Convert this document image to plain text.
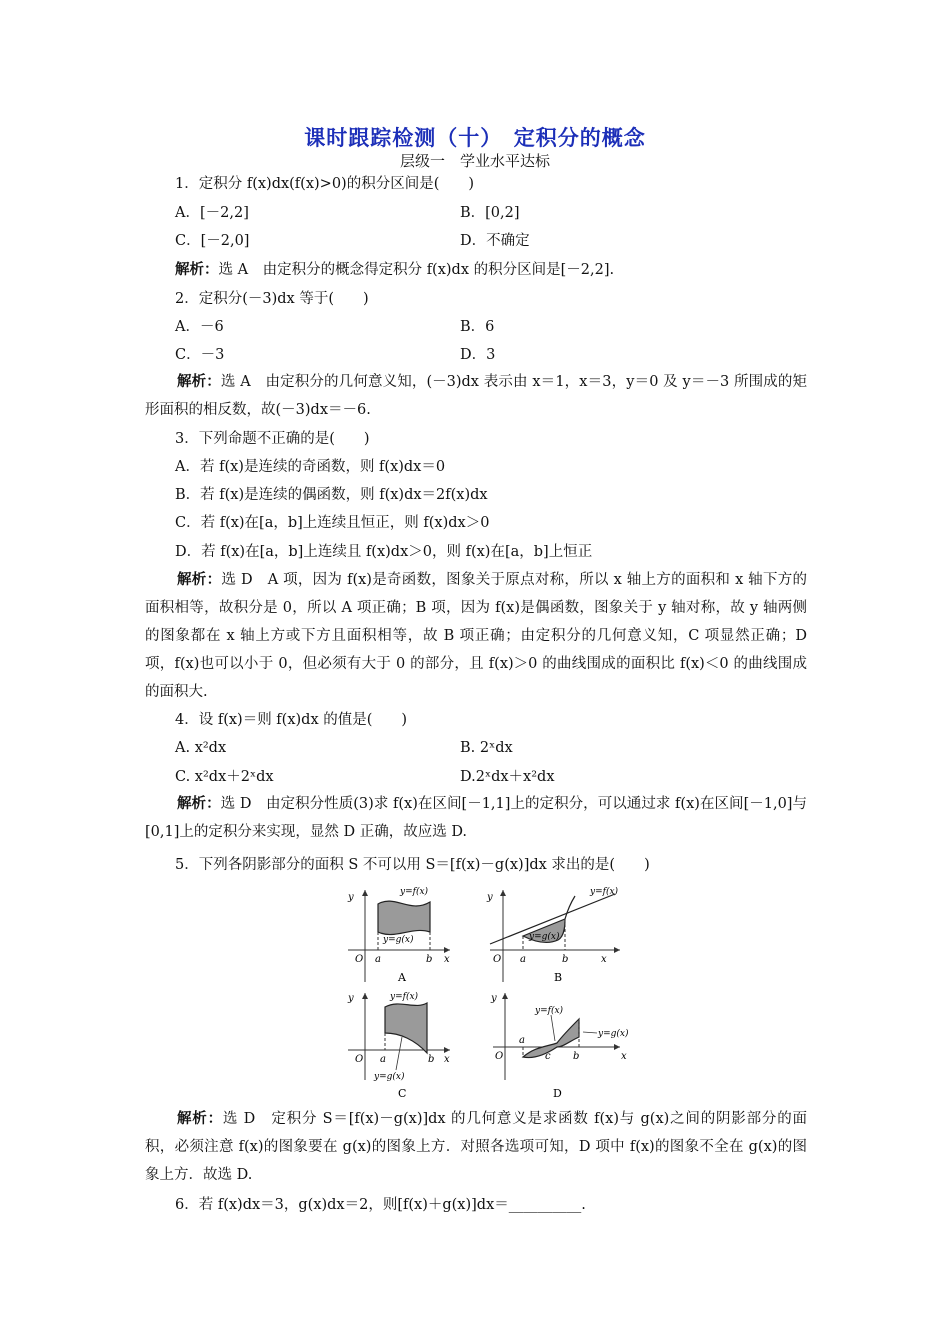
课时跟踪检测（十）　定积分的概念
层级一　学业水平达标
1．定积分 f(x)dx(f(x)>0)的积分区间是(　　)
A．[－2,2]	B．[0,2]
C．[－2,0]	D．不确定
解析：选 A　由定积分的概念得定积分 f(x)dx 的积分区间是[－2,2].
2．定积分(－3)dx 等于(　　)
A．－6	B．6
C．－3	D．3
解析：选 A　由定积分的几何意义知，(－3)dx 表示由 x＝1，x＝3，y＝0 及 y＝－3 所围成的矩形面积的相反数，故(－3)dx＝－6.
3．下列命题不正确的是(　　)
A．若 f(x)是连续的奇函数，则 f(x)dx＝0
B．若 f(x)是连续的偶函数，则 f(x)dx＝2f(x)dx
C．若 f(x)在[a，b]上连续且恒正，则 f(x)dx＞0
D．若 f(x)在[a，b]上连续且 f(x)dx＞0，则 f(x)在[a，b]上恒正
解析：选 D　A 项，因为 f(x)是奇函数，图象关于原点对称，所以 x 轴上方的面积和 x 轴下方的面积相等，故积分是 0，所以 A 项正确；B 项，因为 f(x)是偶函数，图象关于 y 轴对称，故 y 轴两侧的图象都在 x 轴上方或下方且面积相等，故 B 项正确；由定积分的几何意义知，C 项显然正确；D 项，f(x)也可以小于 0，但必须有大于 0 的部分，且 f(x)＞0 的曲线围成的面积比 f(x)＜0 的曲线围成的面积大.
4．设 f(x)＝则 f(x)dx 的值是(　　)
A. x²dx	B. 2ˣdx
C. x²dx＋2ˣdx	D.2ˣdx＋x²dx
解析：选 D　由定积分性质(3)求 f(x)在区间[－1,1]上的定积分，可以通过求 f(x)在区间[－1,0]与[0,1]上的定积分来实现，显然 D 正确，故应选 D.
5．下列各阴影部分的面积 S 不可以用 S＝[f(x)－g(x)]dx 求出的是(　　)
y
x
O a	b
y=f(x)
y=g(x)
A
y
x
O a	b
y=f(x)
y=g(x)
B
y
x
O a	b
y=f(x)
y=g(x)
C
y
x
O
a
c b
y=f(x)
y=g(x)
D
解析：选 D　定积分 S＝[f(x)－g(x)]dx 的几何意义是求函数 f(x)与 g(x)之间的阴影部分的面积，必须注意 f(x)的图象要在 g(x)的图象上方．对照各选项可知，D 项中 f(x)的图象不全在 g(x)的图象上方．故选 D.
6．若 f(x)dx＝3，g(x)dx＝2，则[f(x)＋g(x)]dx＝__________.
